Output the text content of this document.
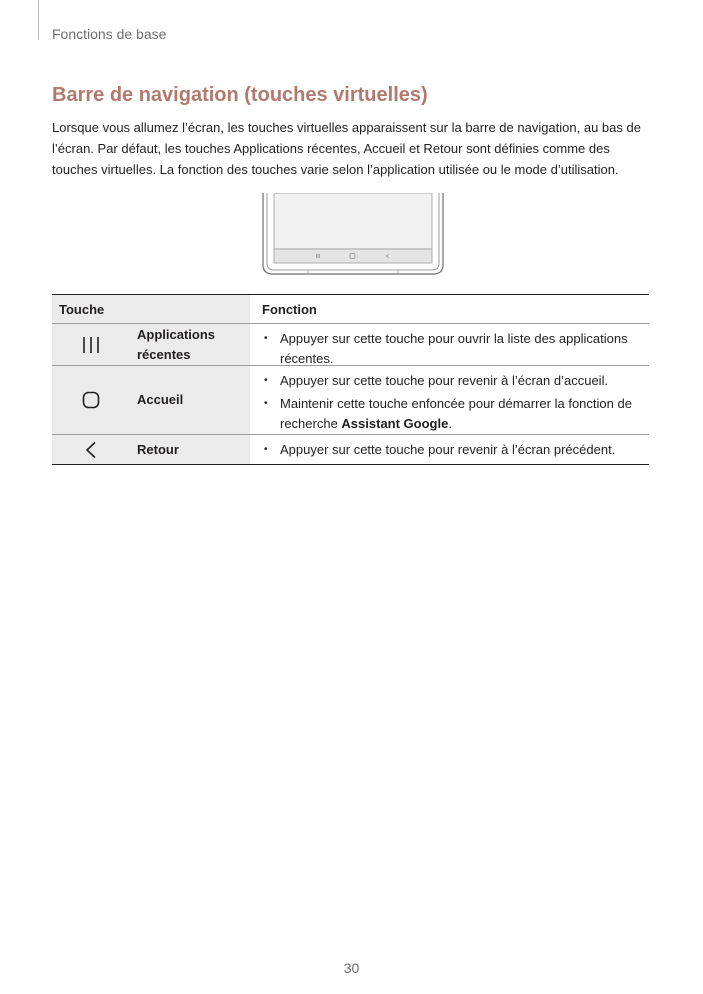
Fonctions de base
Barre de navigation (touches virtuelles)

Lorsque vous allumez l’écran, les touches virtuelles apparaissent sur la barre de navigation, au bas de l’écran. Par défaut, les touches Applications récentes, Accueil et Retour sont définies comme des touches virtuelles. La fonction des touches varie selon l’application utilisée ou le mode d’utilisation.

Touche	Fonction
Applications récentes
• Appuyer sur cette touche pour ouvrir la liste des applications récentes.
Accueil
• Appuyer sur cette touche pour revenir à l’écran d’accueil.
• Maintenir cette touche enfoncée pour démarrer la fonction de recherche Assistant Google.
Retour
•	Appuyer sur cette touche pour revenir à l’écran précédent.
30
